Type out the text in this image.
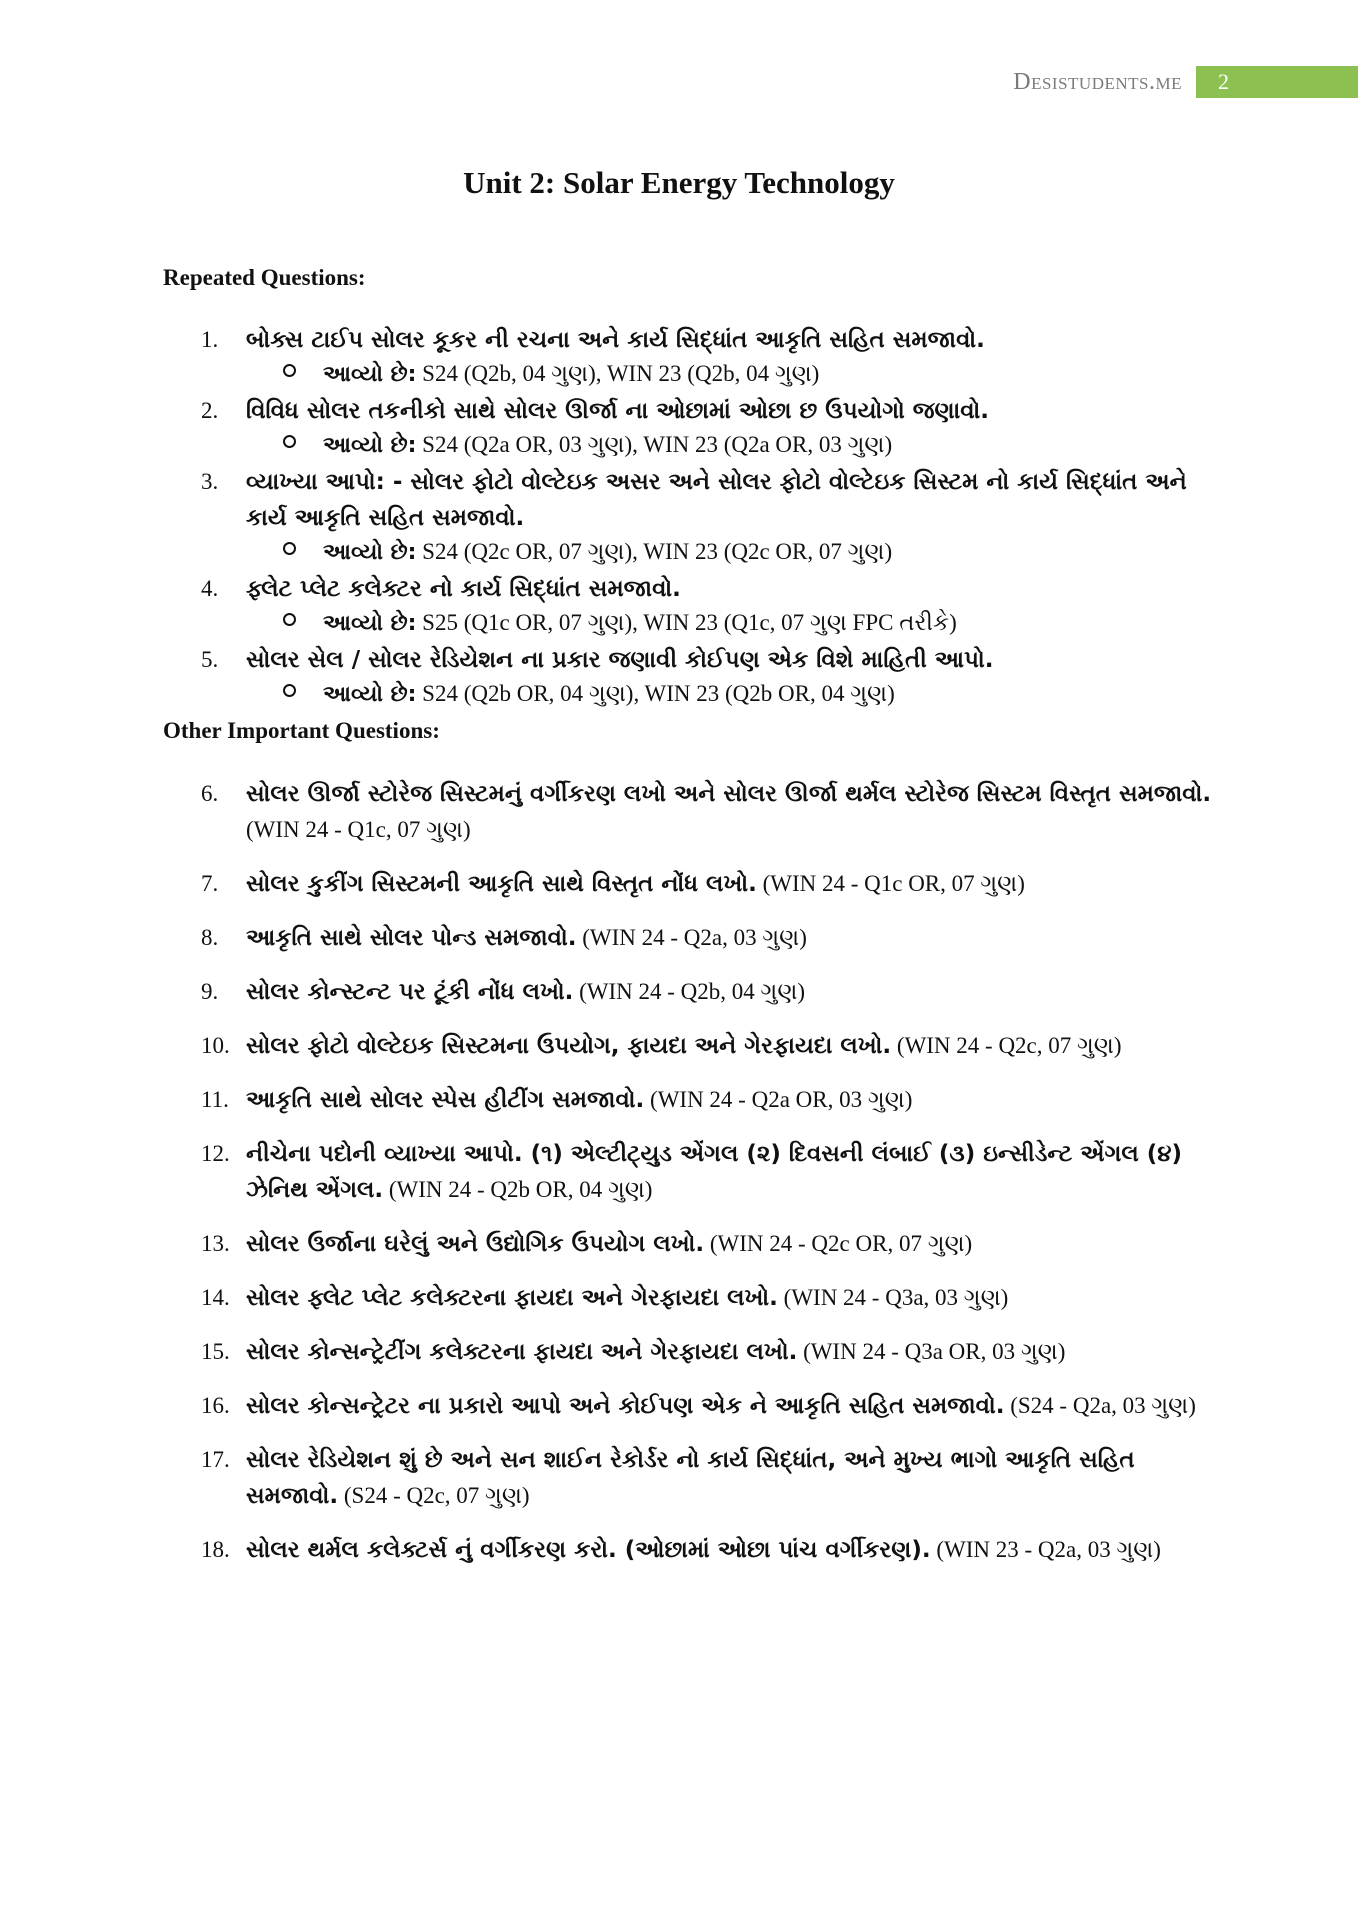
Desistudents.me	2
Unit 2: Solar Energy Technology
Repeated Questions:
1.	બોક્સ ટાઈપ સોલર કૂકર ની રચના અને કાર્ય સિદ્ધાંત આકૃતિ સહિત સમજાવો.
આવ્યો છે: S24 (Q2b, 04 ગુણ), WIN 23 (Q2b, 04 ગુણ)
2.	વિવિધ સોલર તકનીકો સાથે સોલર ઊર્જા ના ઓછામાં ઓછા છ ઉપયોગો જણાવો.
આવ્યો છે: S24 (Q2a OR, 03 ગુણ), WIN 23 (Q2a OR, 03 ગુણ)
3.	વ્યાખ્યા આપો: - સોલર ફોટો વોલ્ટેઇક અસર અને સોલર ફોટો વોલ્ટેઇક સિસ્ટમ નો કાર્ય સિદ્ધાંત અને કાર્ય આકૃતિ સહિત સમજાવો.
આવ્યો છે: S24 (Q2c OR, 07 ગુણ), WIN 23 (Q2c OR, 07 ગુણ)
4.	ફ્લેટ પ્લેટ કલેક્ટર નો કાર્ય સિદ્ધાંત સમજાવો.
આવ્યો છે: S25 (Q1c OR, 07 ગુણ), WIN 23 (Q1c, 07 ગુણ FPC તરીકે)
5.	સોલર સેલ / સોલર રેડિયેશન ના પ્રકાર જણાવી કોઈપણ એક વિશે માહિતી આપો.
આવ્યો છે: S24 (Q2b OR, 04 ગુણ), WIN 23 (Q2b OR, 04 ગુણ)
Other Important Questions:
6.	સોલર ઊર્જા સ્ટોરેજ સિસ્ટમનું વર્ગીકરણ લખો અને સોલર ઊર્જા થર્મલ સ્ટોરેજ સિસ્ટમ વિસ્તૃત સમજાવો. (WIN 24 - Q1c, 07 ગુણ)
7.	સોલર કુકીંગ સિસ્ટમની આકૃતિ સાથે વિસ્તૃત નોંધ લખો. (WIN 24 - Q1c OR, 07 ગુણ)
8.	આકૃતિ સાથે સોલર પોન્ડ સમજાવો. (WIN 24 - Q2a, 03 ગુણ)
9.	સોલર કોન્સ્ટન્ટ પર ટૂંકી નોંધ લખો. (WIN 24 - Q2b, 04 ગુણ)
10. સોલર ફોટો વોલ્ટેઇક સિસ્ટમના ઉપયોગ, ફાયદા અને ગેરફાયદા લખો. (WIN 24 - Q2c, 07 ગુણ)
11. આકૃતિ સાથે સોલર સ્પેસ હીટીંગ સમજાવો. (WIN 24 - Q2a OR, 03 ગુણ)
12. નીચેના પદોની વ્યાખ્યા આપો. (૧) એલ્ટીટ્યુડ એંગલ (૨) દિવસની લંબાઈ (૩) ઇન્સીડેન્ટ એંગલ (૪) ઝેનિથ એંગલ. (WIN 24 - Q2b OR, 04 ગુણ)
13. સોલર ઉર્જાના ઘરેલું અને ઉદ્યોગિક ઉપયોગ લખો. (WIN 24 - Q2c OR, 07 ગુણ)
14. સોલર ફ્લેટ પ્લેટ કલેક્ટરના ફાયદા અને ગેરફાયદા લખો. (WIN 24 - Q3a, 03 ગુણ)
15. સોલર કોન્સન્ટ્રેટીંગ કલેક્ટરના ફાયદા અને ગેરફાયદા લખો. (WIN 24 - Q3a OR, 03 ગુણ)
16. સોલર કોન્સન્ટ્રેટર ના પ્રકારો આપો અને કોઈપણ એક ને આકૃતિ સહિત સમજાવો. (S24 - Q2a, 03 ગુણ)
17. સોલર રેડિયેશન શું છે અને સન શાઈન રેકોર્ડર નો કાર્ય સિદ્ધાંત, અને મુખ્ય ભાગો આકૃતિ સહિત સમજાવો. (S24 - Q2c, 07 ગુણ)
18. સોલર થર્મલ કલેક્ટર્સ નું વર્ગીકરણ કરો. (ઓછામાં ઓછા પાંચ વર્ગીકરણ). (WIN 23 - Q2a, 03 ગુણ)
